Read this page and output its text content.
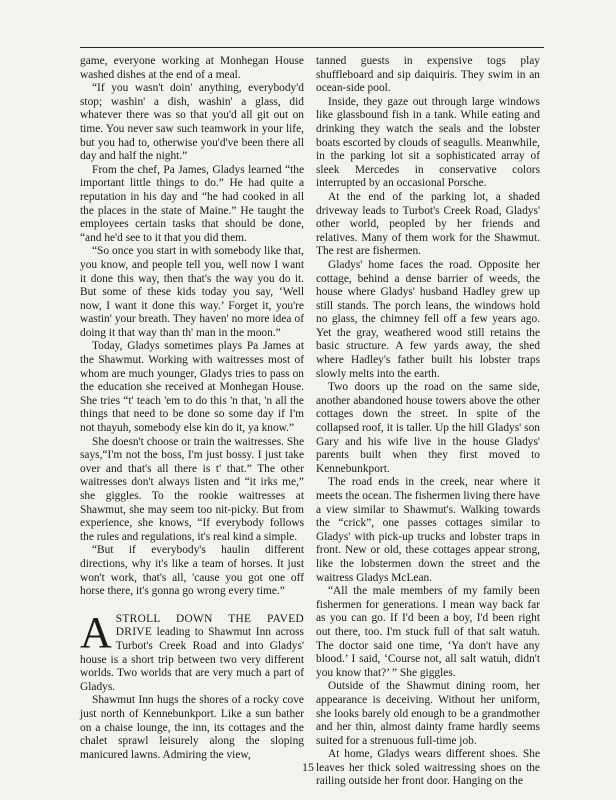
game, everyone working at Monhegan House washed dishes at the end of a meal.

“If you wasn't doin' anything, everybody'd stop; washin' a dish, washin' a glass, did whatever there was so that you'd all git out on time. You never saw such teamwork in your life, but you had to, otherwise you'd've been there all day and half the night.”

From the chef, Pa James, Gladys learned “the important little things to do.” He had quite a reputation in his day and “he had cooked in all the places in the state of Maine.” He taught the employees certain tasks that should be done, “and he'd see to it that you did them.

“So once you start in with somebody like that, you know, and people tell you, well now I want it done this way, then that's the way you do it. But some of these kids today you say, ‘Well now, I want it done this way.’ Forget it, you're wastin' your breath. They haven' no more idea of doing it that way than th' man in the moon.”

Today, Gladys sometimes plays Pa James at the Shawmut. Working with waitresses most of whom are much younger, Gladys tries to pass on the education she received at Monhegan House. She tries “t' teach 'em to do this 'n that, 'n all the things that need to be done so some day if I'm not thayuh, somebody else kin do it, ya know.”

She doesn't choose or train the waitresses. She says,“I'm not the boss, I'm just bossy. I just take over and that's all there is t' that.” The other waitresses don't always listen and “it irks me,” she giggles. To the rookie waitresses at Shawmut, she may seem too nit-picky. But from experience, she knows, “If everybody follows the rules and regulations, it's real kind a simple.

“But if everybody's haulin different directions, why it's like a team of horses. It just won't work, that's all, 'cause you got one off horse there, it's gonna go wrong every time.”

ASTROLL DOWN THE PAVED DRIVE leading to Shawmut Inn across Turbot's Creek Road and into Gladys' house is a short trip between two very different worlds. Two worlds that are very much a part of Gladys.

Shawmut Inn hugs the shores of a rocky cove just north of Kennebunkport. Like a sun bather on a chaise lounge, the inn, its cottages and the chalet sprawl leisurely along the sloping manicured lawns. Admiring the view,

tanned guests in expensive togs play shuffleboard and sip daiquiris. They swim in an ocean-side pool.

Inside, they gaze out through large windows like glassbound fish in a tank. While eating and drinking they watch the seals and the lobster boats escorted by clouds of seagulls. Meanwhile, in the parking lot sit a sophisticated array of sleek Mercedes in conservative colors interrupted by an occasional Porsche.

At the end of the parking lot, a shaded driveway leads to Turbot's Creek Road, Gladys' other world, peopled by her friends and relatives. Many of them work for the Shawmut. The rest are fishermen.

Gladys' home faces the road. Opposite her cottage, behind a dense barrier of weeds, the house where Gladys' husband Hadley grew up still stands. The porch leans, the windows hold no glass, the chimney fell off a few years ago. Yet the gray, weathered wood still retains the basic structure. A few yards away, the shed where Hadley's father built his lobster traps slowly melts into the earth.

Two doors up the road on the same side, another abandoned house towers above the other cottages down the street. In spite of the collapsed roof, it is taller. Up the hill Gladys' son Gary and his wife live in the house Gladys' parents built when they first moved to Kennebunkport.

The road ends in the creek, near where it meets the ocean. The fishermen living there have a view similar to Shawmut's. Walking towards the “crick”, one passes cottages similar to Gladys' with pick-up trucks and lobster traps in front. New or old, these cottages appear strong, like the lobstermen down the street and the waitress Gladys McLean.

“All the male members of my family been fishermen for generations. I mean way back far as you can go. If I'd been a boy, I'd been right out there, too. I'm stuck full of that salt watuh. The doctor said one time, ‘Ya don't have any blood.’ I said, ‘Course not, all salt watuh, didn't you know that?’ ” She giggles.

Outside of the Shawmut dining room, her appearance is deceiving. Without her uniform, she looks barely old enough to be a grandmother and her thin, almost dainty frame hardly seems suited for a strenuous full-time job.

At home, Gladys wears different shoes. She leaves her thick soled waitressing shoes on the railing outside her front door. Hanging on the

15
